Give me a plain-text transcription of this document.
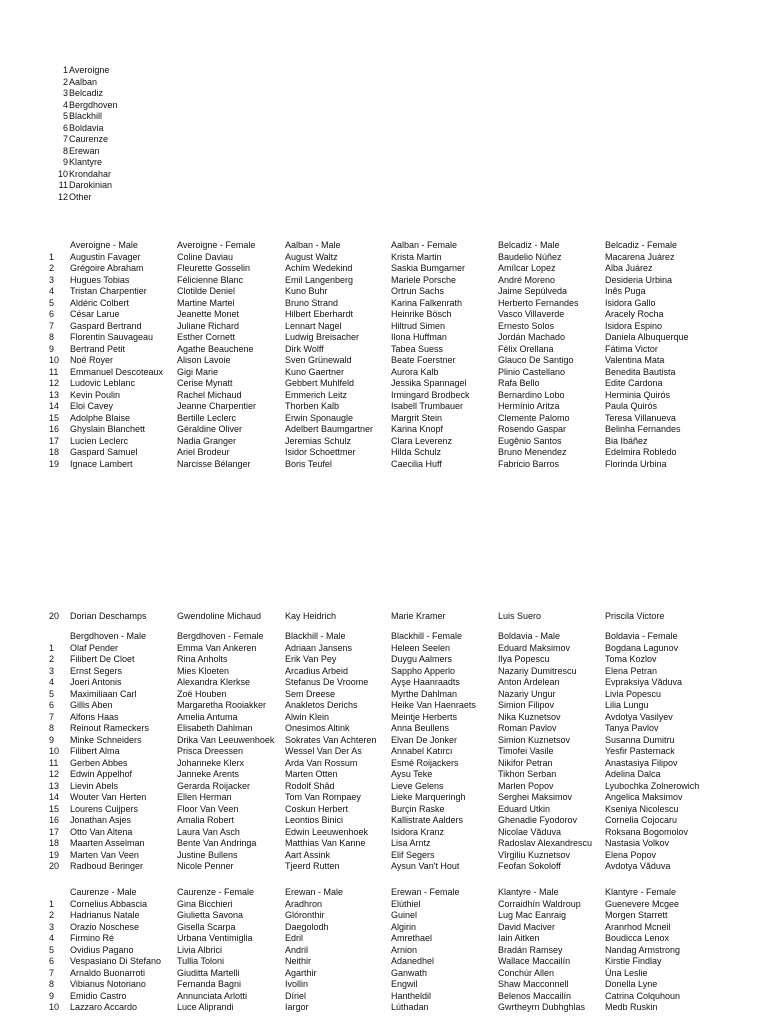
1Averoigne
2Aalban
3Belcadiz
4Bergdhoven
5Blackhill
6Boldavia
7Caurenze
8Erewan
9Klantyre
10Krondahar
11Darokinian
12Other
Averoigne - Male	Averoigne - Female	Aalban - Male	Aalban - Female	Belcadiz - Male	Belcadiz - Female
1	Augustin Favager	Coline Daviau	August Waltz	Krista Martin	Baudelio Núñez	Macarena Juárez
2	Grégoire Abraham	Fleurette Gosselin	Achim Wedekind	Saskia Bumgarner	Amílcar Lopez	Alba Juárez
3	Hugues Tobias	Félicienne Blanc	Emil Langenberg	Mariele Porsche	André Moreno	Desideria Urbina
4	Tristan Charpentier	Clotilde Deniel	Kuno Buhr	Ortrun Sachs	Jaime Sepúlveda	Inês Puga
5	Aldéric Colbert	Martine Martel	Bruno Strand	Karina Falkenrath	Herberto Fernandes	Isidora Gallo
6	César Larue	Jeanette Monet	Hilbert Eberhardt	Heinrike Bösch	Vasco Villaverde	Aracely Rocha
7	Gaspard Bertrand	Juliane Richard	Lennart Nagel	Hiltrud Simen	Ernesto Solos	Isidora Espino
8	Florentin Sauvageau	Esther Cornett	Ludwig Breisacher	Ilona Huffman	Jordán Machado	Daniela Albuquerque
9	Bertrand Petit	Agathe Beauchene	Dirk Wolff	Tabea Suess	Félix Orellana	Fátima Victor
10	Noé Royer	Alison Lavoie	Sven Grünewald	Beate Foerstner	Glauco De Santigo	Valentina Mata
11	Emmanuel Descoteaux	Gigi Marie	Kuno Gaertner	Aurora Kalb	Plinio Castellano	Benedita Bautista
12	Ludovic Leblanc	Cerise Mynatt	Gebbert Muhlfeld	Jessika Spannagel	Rafa Bello	Edite Cardona
13	Kevin Poulin	Rachel Michaud	Emmerich Leitz	Irmingard Brodbeck	Bernardino Lobo	Herminia Quirós
14	Eloi Cavey	Jeanne Charpentier	Thorben Kalb	Isabell Trumbauer	Hermínio Aritza	Paula Quirós
15	Adolphe Blaise	Bertille Leclerc	Erwin Sponaugle	Margrit Stein	Clemente Palomo	Teresa Villanueva
16	Ghyslain Blanchett	Géraldine Oliver	Adelbert Baumgartner	Karina Knopf	Rosendo Gaspar	Belinha Fernandes
17	Lucien Leclerc	Nadia Granger	Jeremias Schulz	Clara Leverenz	Eugênio Santos	Bia Ibáñez
18	Gaspard Samuel	Ariel Brodeur	Isidor Schoettmer	Hilda Schulz	Bruno Menendez	Edelmira Robledo
19	Ignace Lambert	Narcisse Bélanger	Boris Teufel	Caecilia Huff	Fabricio Barros	Florinda Urbina
20	Dorian Deschamps	Gwendoline Michaud	Kay Heidrich	Marie Kramer	Luis Suero	Priscila Victore
Bergdhoven - Male	Bergdhoven - Female	Blackhill - Male	Blackhill - Female	Boldavia - Male	Boldavia - Female
1	Olaf Pender	Emma Van Ankeren	Adriaan Jansens	Heleen Seelen	Eduard Maksimov	Bogdana Lagunov
2	Filibert De Cloet	Rina Anholts	Erik Van Pey	Duygu Aalmers	Ilya Popescu	Toma Kozlov
3	Ernst Segers	Mies Kloeten	Arcadius Arbeid	Sappho Apperlo	Nazariy Dumitrescu	Elena Petran
4	Joeri Antonis	Alexandra Klerkse	Stefanus De Vroome	Ayşe Haanraadts	Anton Ardelean	Evpraksiya Văduva
5	Maximiliaan Carl	Zoë Houben	Sem Dreese	Myrthe Dahlman	Nazariy Ungur	Livia Popescu
6	Gillis Aben	Margaretha Rooiakker	Anakletos Derichs	Heike Van Haenraets	Simion Filipov	Lilia Lungu
7	Alfons Haas	Amelia Antuma	Alwin Klein	Meintje Herberts	Nika Kuznetsov	Avdotya Vasilyev
8	Reinout Rameckers	Elisabeth Dahlman	Onesimos Altink	Anna Beullens	Roman Pavlov	Tanya Pavlov
9	Minke Schneiders	Drika Van Leeuwenhoek	Sokrates Van Achteren	Elvan De Jonker	Simion Kuznetsov	Susanna Dumitru
10	Filibert Alma	Prisca Dreessen	Wessel Van Der As	Annabel Katırcı	Timofei Vasile	Yesfir Pasternack
11	Gerben Abbes	Johanneke Klerx	Arda Van Rossum	Esmé Roijackers	Nikifor Petran	Anastasiya Filipov
12	Edwin Appelhof	Janneke Arents	Marten Otten	Aysu Teke	Tikhon Serban	Adelina Dalca
13	Lievin Abels	Gerarda Roijacker	Rodolf Shâd	Lieve Gelens	Marlen Popov	Lyubochka Zolnerowich
14	Wouter Van Herten	Ellen Herman	Tom Van Rompaey	Lieke Marqueringh	Serghei Maksimov	Angelica Maksimov
15	Lourens Cuijpers	Floor Van Veen	Coskun Herbert	Burçin Raske	Eduard Utkin	Kseniya Nicolescu
16	Jonathan Asjes	Amalia Robert	Leontios Binici	Kallistrate Aalders	Ghenadie Fyodorov	Cornelia Cojocaru
17	Otto Van Altena	Laura Van Asch	Edwin Leeuwenhoek	Isidora Kranz	Nicolae Văduva	Roksana Bogomolov
18	Maarten Asselman	Bente Van Andringa	Matthias Van Kanne	Lisa Arntz	Radoslav Alexandrescu	Nastasia Volkov
19	Marten Van Veen	Justine Bullens	Aart Assink	Elif Segers	Vîrgiliu Kuznetsov	Elena Popov
20	Radboud Beringer	Nicole Penner	Tjeerd Rutten	Aysun Van't Hout	Feofan Sokoloff	Avdotya Văduva
Caurenze - Male	Caurenze - Female	Erewan - Male	Erewan - Female	Klantyre - Male	Klantyre - Female
1	Cornelius Abbascia	Gina Bicchieri	Aradhron	Elúthiel	Corraidhín Waldroup	Guenevere Mcgee
2	Hadrianus Natale	Giulietta Savona	Glóronthir	Guinel	Lug Mac Eanraig	Morgen Starrett
3	Orazio Noschese	Gisella Scarpa	Daegolodh	Algirin	David Maciver	Aranrhod Mcneil
4	Firmino Ré	Urbana Ventimiglia	Edril	Amrethael	Iain Aitken	Boudicca Lenox
5	Ovidius Pagano	Livia Albrici	Andril	Arnion	Bradán Ramsey	Nandag Armstrong
6	Vespasiano Di Stefano	Tullia Toloni	Neithir	Adanedhel	Wallace Maccailín	Kirstie Findlay
7	Arnaldo Buonarroti	Giuditta Martelli	Agarthir	Ganwath	Conchúr Allen	Úna Leslie
8	Vibianus Notoriano	Fernanda Bagni	Ivollin	Engwil	Shaw Macconnell	Donella Lyne
9	Emidio Castro	Annunciata Arlotti	Díriel	Hantheldil	Belenos Maccailín	Catrina Colquhoun
10	Lazzaro Accardo	Luce Aliprandi	Iargor	Lúthadan	Gwrtheyrn Dubhghlas	Medb Ruskin
